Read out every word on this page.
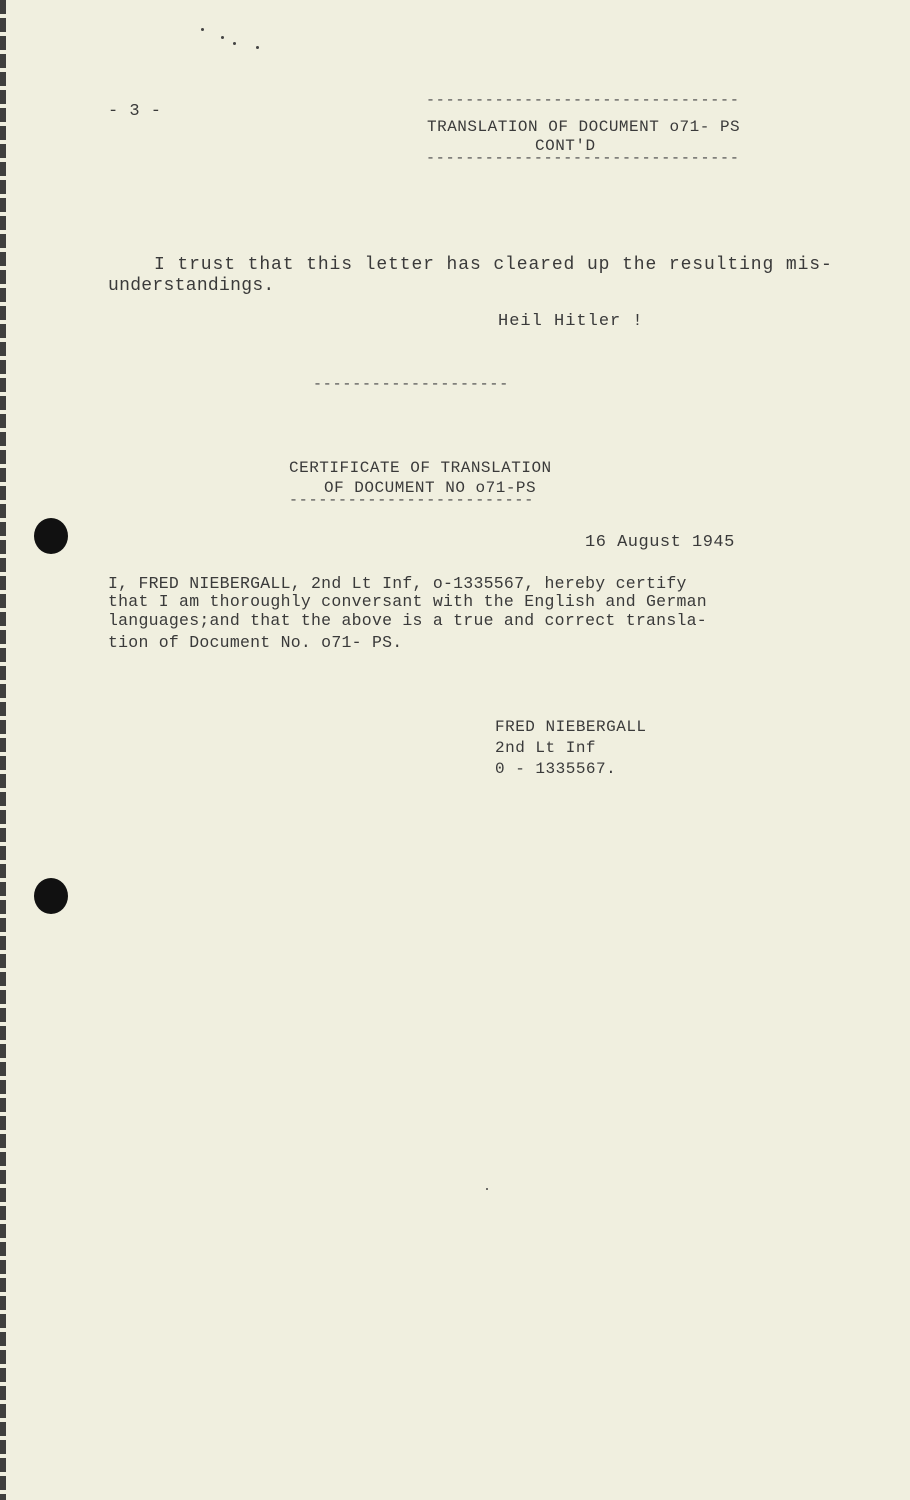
- 3 -
--------------------------------
TRANSLATION OF DOCUMENT o71- PS
CONT'D
--------------------------------
I trust that this letter has cleared up the resulting mis-
understandings.
Heil Hitler !
--------------------
CERTIFICATE OF TRANSLATION
OF DOCUMENT NO o71-PS
-------------------------
16 August 1945
I, FRED NIEBERGALL, 2nd Lt Inf, o-1335567, hereby certify
that I am thoroughly conversant with the English and German
languages;and that the above is a true and correct transla-
tion of Document No. o71- PS.
FRED NIEBERGALL
2nd Lt Inf
0 - 1335567.
